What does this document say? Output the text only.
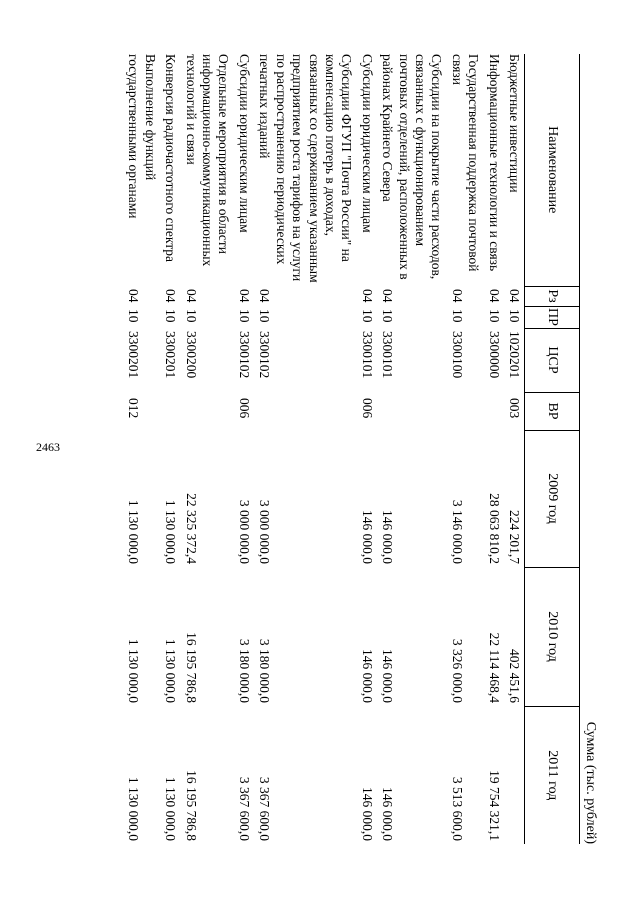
2463
Сумма (тыс. рублей)
Наименование	Рз	ПР	ЦСР	ВР	2009 год	2010 год	2011 год
Бюджетные инвестиции	04	10	1020201	003	224 201,7	402 451,6	
Информационные технологии и связь	04	10	3300000		28 063 810,2	22 114 468,4	19 754 321,1
Государственная поддержка почтовой связи	04	10	3300100		3 146 000,0	3 326 000,0	3 513 600,0
Субсидии на покрытие части расходов, связанных с функционированием почтовых отделений, расположенных в районах Крайнего Севера	04	10	3300101		146 000,0	146 000,0	146 000,0
Субсидии юридическим лицам	04	10	3300101	006	146 000,0	146 000,0	146 000,0
Субсидии ФГУП "Почта России" на компенсацию потерь в доходах, связанных со сдерживанием указанным предприятием роста тарифов на услуги по распространению периодических печатных изданий	04	10	3300102		3 000 000,0	3 180 000,0	3 367 600,0
Субсидии юридическим лицам	04	10	3300102	006	3 000 000,0	3 180 000,0	3 367 600,0
Отдельные мероприятия в области информационно-коммуникационных технологий и связи	04	10	3300200		22 325 372,4	16 195 786,8	16 195 786,8
Конверсия радиочастотного спектра	04	10	3300201		1 130 000,0	1 130 000,0	1 130 000,0
Выполнение функций государственными органами	04	10	3300201	012	1 130 000,0	1 130 000,0	1 130 000,0
